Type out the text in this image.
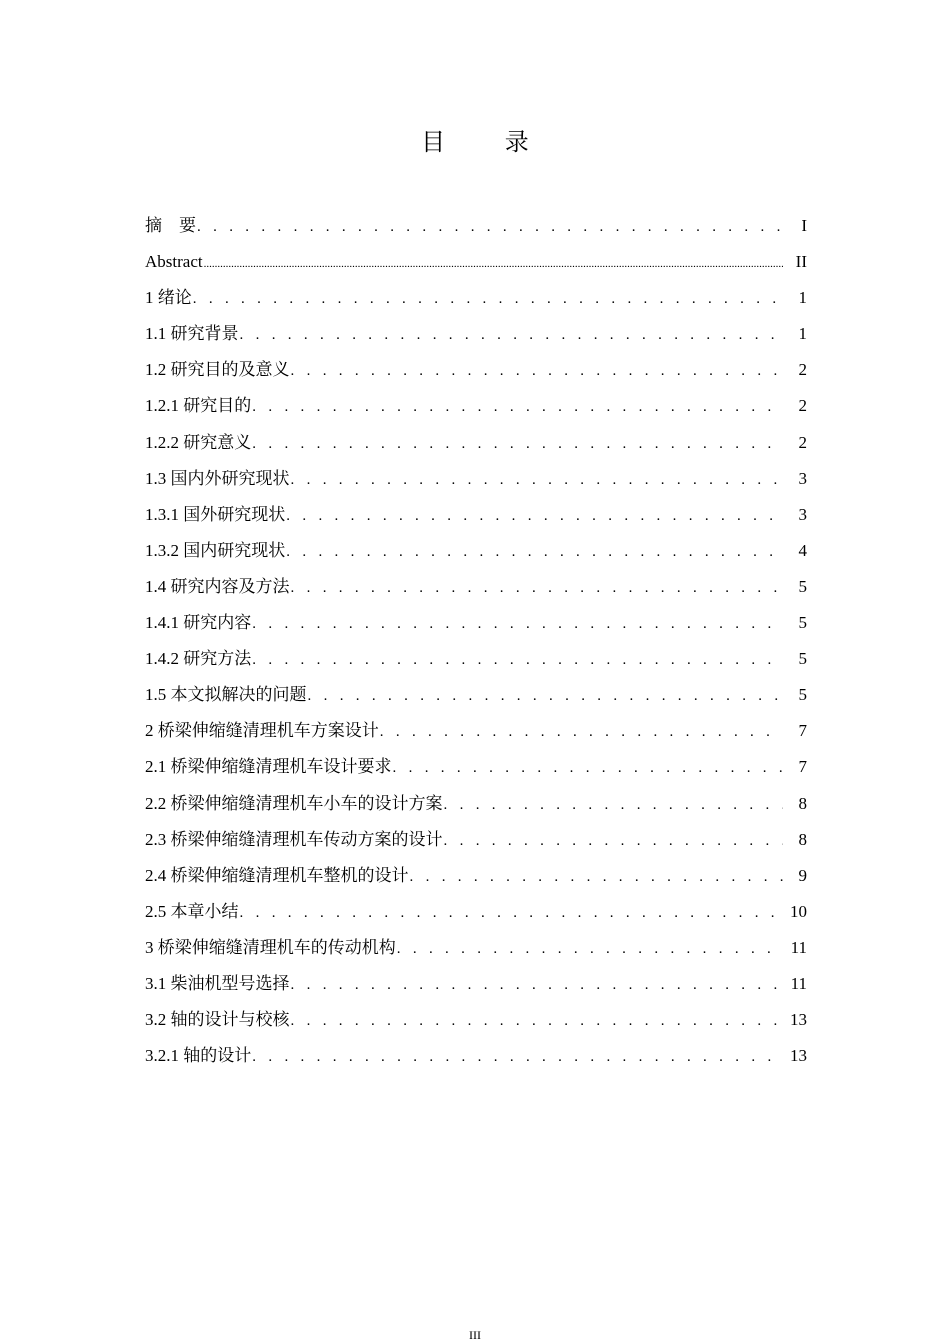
目 录
摘　要 . . .	I
Abstract .....	II
1 绪论 . . .	1
1.1 研究背景 . . .	1
1.2 研究目的及意义 . . .	2
1.2.1 研究目的 . . .	2
1.2.2 研究意义 . . .	2
1.3 国内外研究现状 . . .	3
1.3.1 国外研究现状 . . .	3
1.3.2 国内研究现状 . . .	4
1.4 研究内容及方法 . . .	5
1.4.1 研究内容 . . .	5
1.4.2 研究方法 . . .	5
1.5 本文拟解决的问题 . . .	5
2 桥梁伸缩缝清理机车方案设计 . . .	7
2.1 桥梁伸缩缝清理机车设计要求 . . .	7
2.2 桥梁伸缩缝清理机车小车的设计方案 . . .	8
2.3 桥梁伸缩缝清理机车传动方案的设计 . . .	8
2.4 桥梁伸缩缝清理机车整机的设计 . . .	9
2.5 本章小结 . . .	10
3 桥梁伸缩缝清理机车的传动机构 . . .	11
3.1 柴油机型号选择 . . .	11
3.2 轴的设计与校核 . . .	13
3.2.1 轴的设计 . . .	13
III
